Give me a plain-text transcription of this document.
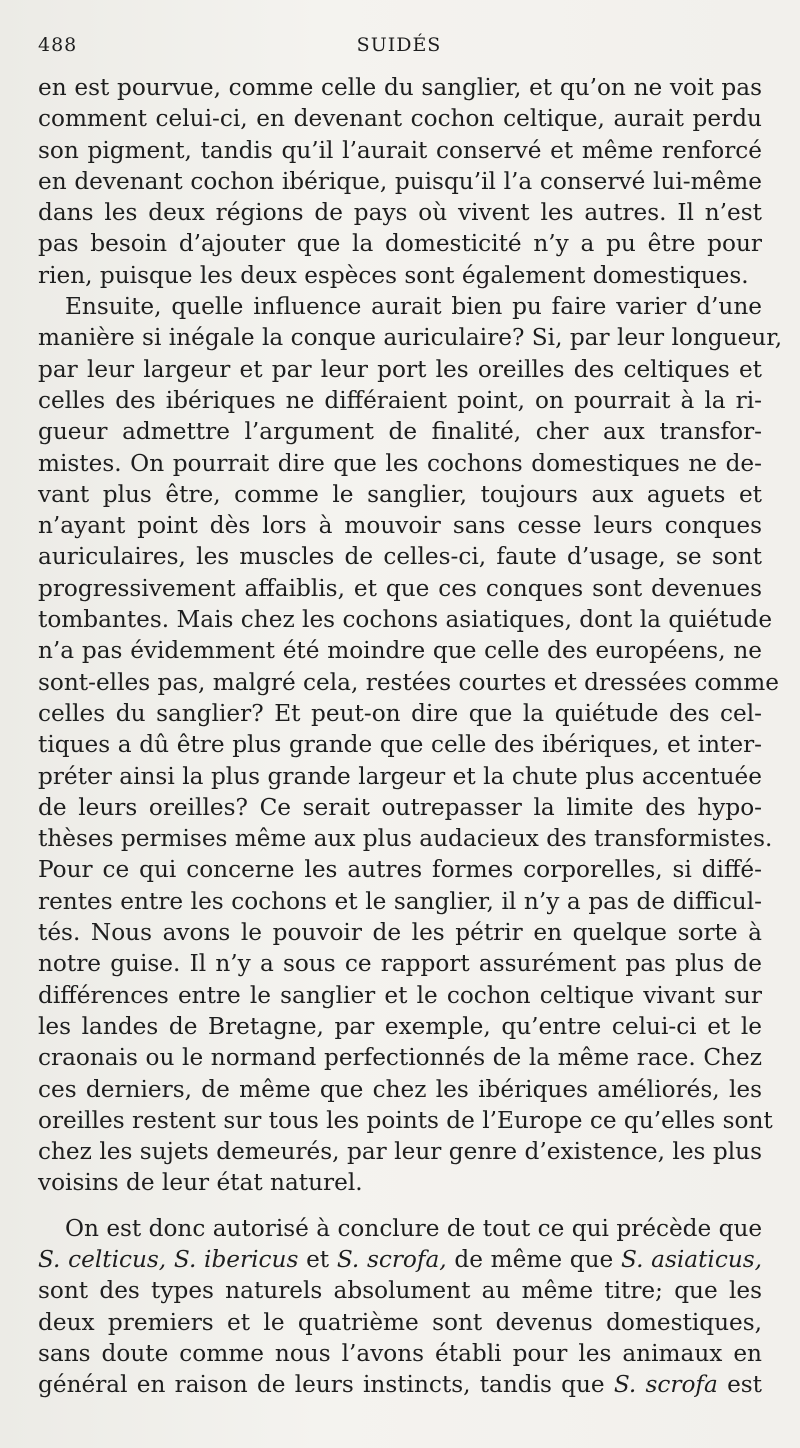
488	SUIDÉS
en est pourvue, comme celle du sanglier, et qu’on ne voit pas
comment celui-ci, en devenant cochon celtique, aurait perdu
son pigment, tandis qu’il l’aurait conservé et même renforcé
en devenant cochon ibérique, puisqu’il l’a conservé lui-même
dans les deux régions de pays où vivent les autres. Il n’est
pas besoin d’ajouter que la domesticité n’y a pu être pour
rien, puisque les deux espèces sont également domestiques.
Ensuite, quelle influence aurait bien pu faire varier d’une
manière si inégale la conque auriculaire? Si, par leur longueur,
par leur largeur et par leur port les oreilles des celtiques et
celles des ibériques ne différaient point, on pourrait à la ri-
gueur admettre l’argument de finalité, cher aux transfor-
mistes. On pourrait dire que les cochons domestiques ne de-
vant plus être, comme le sanglier, toujours aux aguets et
n’ayant point dès lors à mouvoir sans cesse leurs conques
auriculaires, les muscles de celles-ci, faute d’usage, se sont
progressivement affaiblis, et que ces conques sont devenues
tombantes. Mais chez les cochons asiatiques, dont la quiétude
n’a pas évidemment été moindre que celle des européens, ne
sont-elles pas, malgré cela, restées courtes et dressées comme
celles du sanglier? Et peut-on dire que la quiétude des cel-
tiques a dû être plus grande que celle des ibériques, et inter-
préter ainsi la plus grande largeur et la chute plus accentuée
de leurs oreilles? Ce serait outrepasser la limite des hypo-
thèses permises même aux plus audacieux des transformistes.
Pour ce qui concerne les autres formes corporelles, si diffé-
rentes entre les cochons et le sanglier, il n’y a pas de difficul-
tés. Nous avons le pouvoir de les pétrir en quelque sorte à
notre guise. Il n’y a sous ce rapport assurément pas plus de
différences entre le sanglier et le cochon celtique vivant sur
les landes de Bretagne, par exemple, qu’entre celui-ci et le
craonais ou le normand perfectionnés de la même race. Chez
ces derniers, de même que chez les ibériques améliorés, les
oreilles restent sur tous les points de l’Europe ce qu’elles sont
chez les sujets demeurés, par leur genre d’existence, les plus
voisins de leur état naturel.
On est donc autorisé à conclure de tout ce qui précède que
S. celticus, S. ibericus et S. scrofa, de même que S. asiaticus,
sont des types naturels absolument au même titre; que les
deux premiers et le quatrième sont devenus domestiques,
sans doute comme nous l’avons établi pour les animaux en
général en raison de leurs instincts, tandis que S. scrofa est
